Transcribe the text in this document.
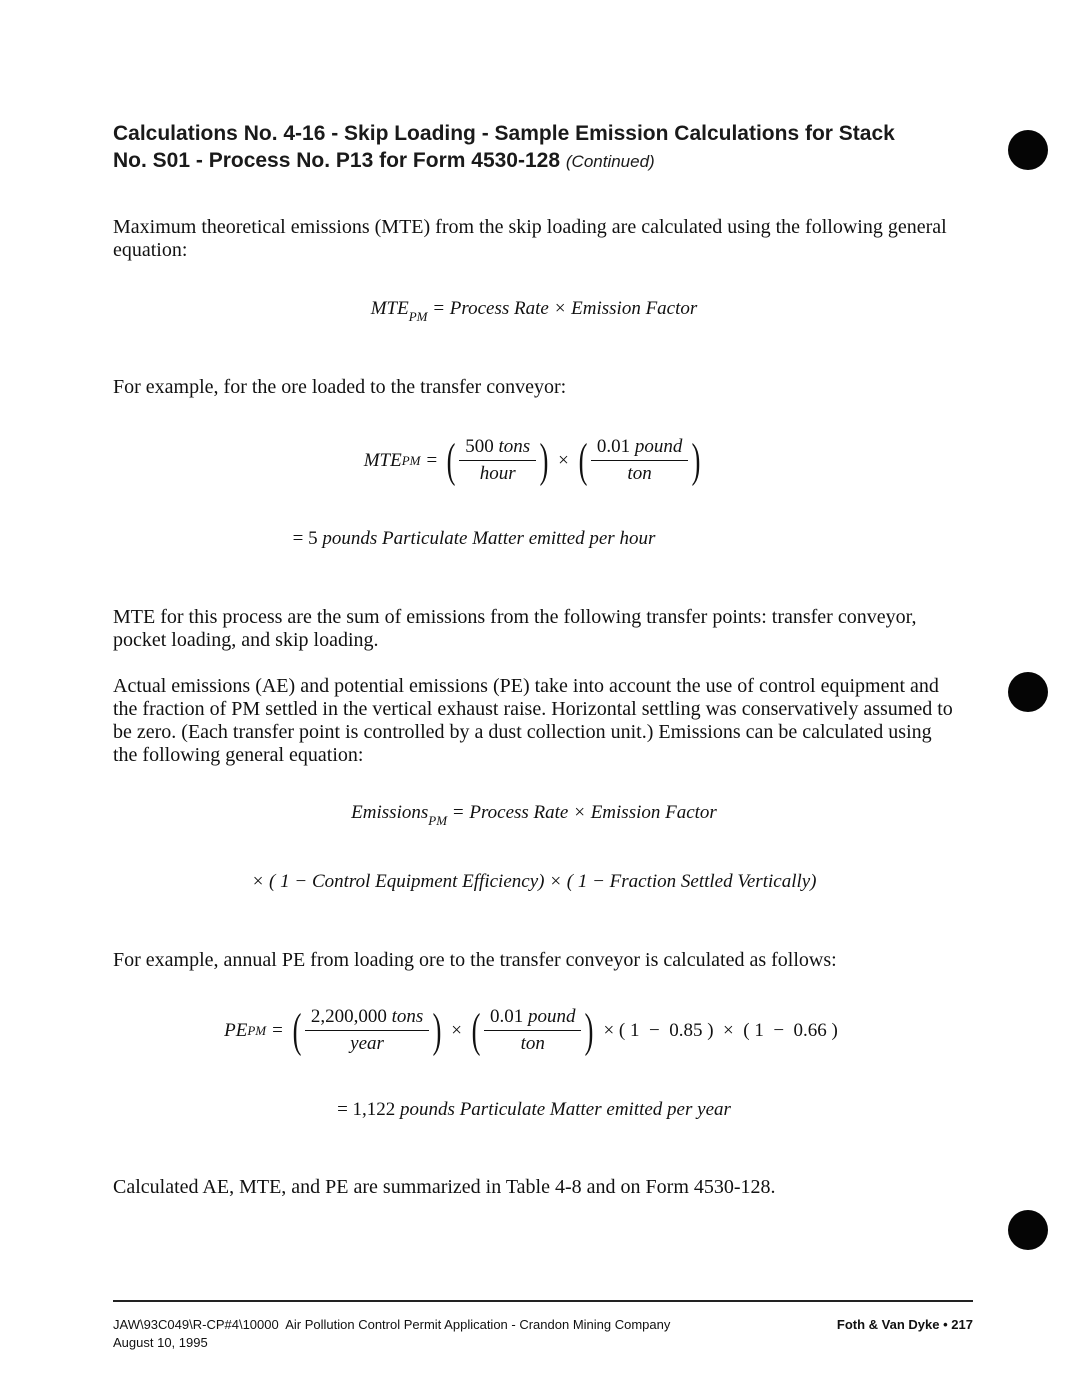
Calculations No. 4-16 - Skip Loading - Sample Emission Calculations for Stack
No. S01 - Process No. P13 for Form 4530-128 (Continued)
Maximum theoretical emissions (MTE) from the skip loading are calculated using the following general equation:
$MTE_{PM}$ = Process Rate × Emission Factor
For example, for the ore loaded to the transfer conveyor:
MTE PM = ( $\frac{\text{500 tons}}{\text{hour}}$ ) × ( $\frac{\text{0.01 pound}}{\text{ton}}$ )
= 5 pounds Particulate Matter emitted per hour
MTE for this process are the sum of emissions from the following transfer points: transfer conveyor, pocket loading, and skip loading.
Actual emissions (AE) and potential emissions (PE) take into account the use of control equipment and the fraction of PM settled in the vertical exhaust raise. Horizontal settling was conservatively assumed to be zero. (Each transfer point is controlled by a dust collection unit.) Emissions can be calculated using the following general equation:
Emissions$_{PM}$ = Process Rate × Emission Factor
× ( 1 − Control Equipment Efficiency) × ( 1 − Fraction Settled Vertically)
For example, annual PE from loading ore to the transfer conveyor is calculated as follows:
PE PM = ( $\frac{\text{2,200,000 tons}}{\text{year}}$ ) × ( $\frac{\text{0.01 pound}}{\text{ton}}$ ) × ( 1  −  0.85 )  ×  ( 1  −  0.66 )
= 1,122 pounds Particulate Matter emitted per year
Calculated AE, MTE, and PE are summarized in Table 4-8 and on Form 4530-128.
JAW\93C049\R-CP#4\10000 Air Pollution Control Permit Application - Crandon Mining Company
August 10, 1995
Foth & Van Dyke • 217
